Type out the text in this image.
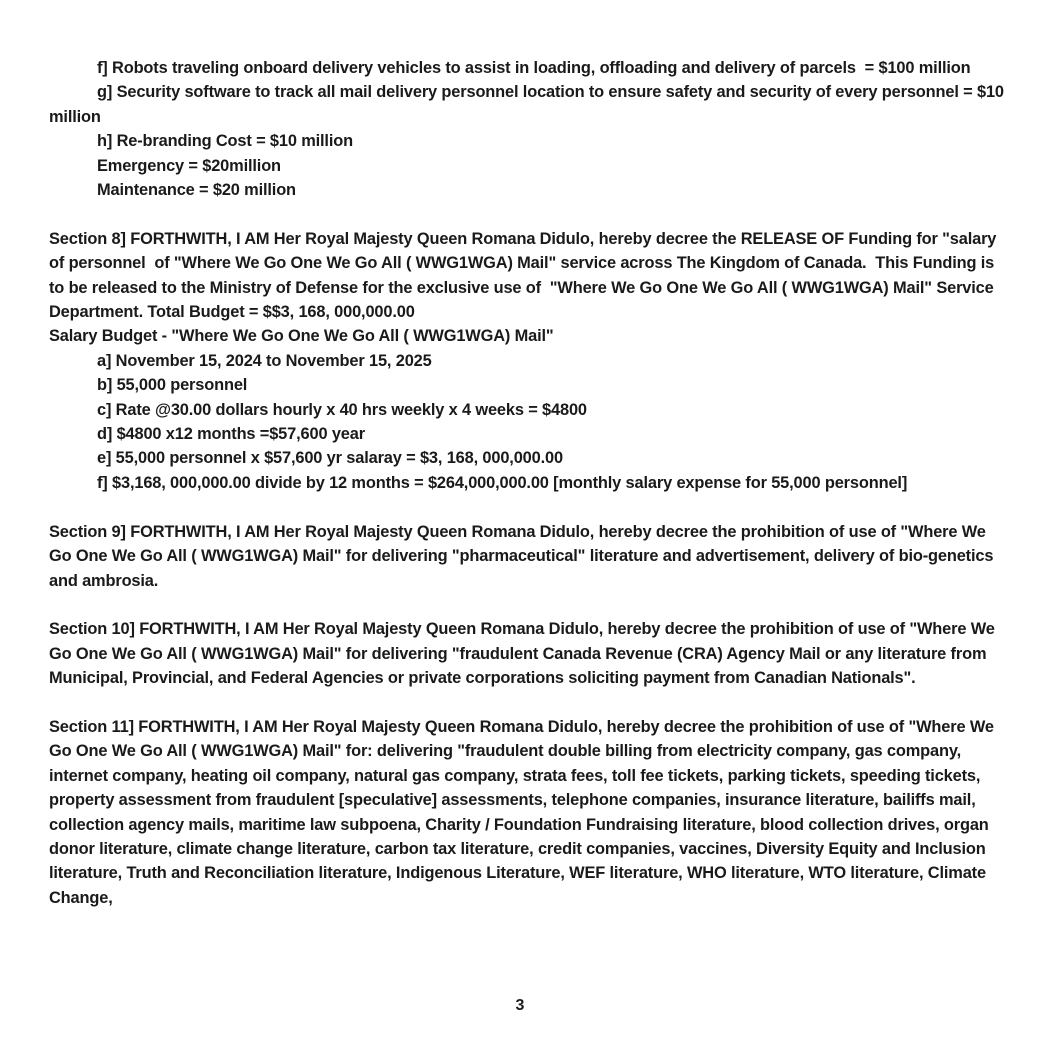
f] Robots traveling onboard delivery vehicles to assist in loading, offloading and delivery of parcels  = $100 million
g] Security software to track all mail delivery personnel location to ensure safety and security of every personnel = $10 million
h] Re-branding Cost = $10 million
Emergency = $20million
Maintenance = $20 million
Section 8] FORTHWITH, I AM Her Royal Majesty Queen Romana Didulo, hereby decree the RELEASE OF Funding for "salary of personnel  of "Where We Go One We Go All ( WWG1WGA) Mail" service across The Kingdom of Canada.  This Funding is to be released to the Ministry of Defense for the exclusive use of  "Where We Go One We Go All ( WWG1WGA) Mail" Service Department. Total Budget = $$3, 168, 000,000.00
Salary Budget - "Where We Go One We Go All ( WWG1WGA) Mail"
a] November 15, 2024 to November 15, 2025
b] 55,000 personnel
c] Rate @30.00 dollars hourly x 40 hrs weekly x 4 weeks = $4800
d] $4800 x12 months =$57,600 year
e] 55,000 personnel x $57,600 yr salaray = $3, 168, 000,000.00
f] $3,168, 000,000.00 divide by 12 months = $264,000,000.00 [monthly salary expense for 55,000 personnel]
Section 9] FORTHWITH, I AM Her Royal Majesty Queen Romana Didulo, hereby decree the prohibition of use of "Where We Go One We Go All ( WWG1WGA) Mail" for delivering "pharmaceutical" literature and advertisement, delivery of bio-genetics and ambrosia.
Section 10] FORTHWITH, I AM Her Royal Majesty Queen Romana Didulo, hereby decree the prohibition of use of "Where We Go One We Go All ( WWG1WGA) Mail" for delivering "fraudulent Canada Revenue (CRA) Agency Mail or any literature from Municipal, Provincial, and Federal Agencies or private corporations soliciting payment from Canadian Nationals".
Section 11] FORTHWITH, I AM Her Royal Majesty Queen Romana Didulo, hereby decree the prohibition of use of "Where We Go One We Go All ( WWG1WGA) Mail" for: delivering "fraudulent double billing from electricity company, gas company, internet company, heating oil company, natural gas company, strata fees, toll fee tickets, parking tickets, speeding tickets, property assessment from fraudulent [speculative] assessments, telephone companies, insurance literature, bailiffs mail, collection agency mails, maritime law subpoena, Charity / Foundation Fundraising literature, blood collection drives, organ donor literature, climate change literature, carbon tax literature, credit companies, vaccines, Diversity Equity and Inclusion literature, Truth and Reconciliation literature, Indigenous Literature, WEF literature, WHO literature, WTO literature, Climate Change,
3
